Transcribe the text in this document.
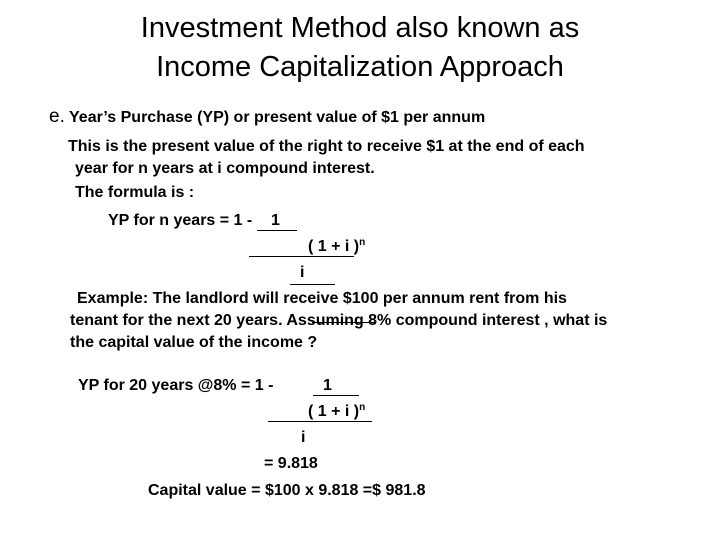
Investment Method also known as
Income Capitalization Approach
e. Year’s Purchase (YP) or present value of $1 per annum
This is the present value of the right to receive $1 at the end of each
year for n years at i compound interest.
The formula is :
YP for n years = 1 - 1
( 1 + i )$^n$
i
Example: The landlord will receive $100 per annum rent from his
tenant for the next 20 years. Assuming 8% compound interest , what is
the capital value of the income ?
YP for 20 years @8% = 1 -	1
( 1 + i )$^n$
i
= 9.818
Capital value = $100 x 9.818 =$ 981.8
